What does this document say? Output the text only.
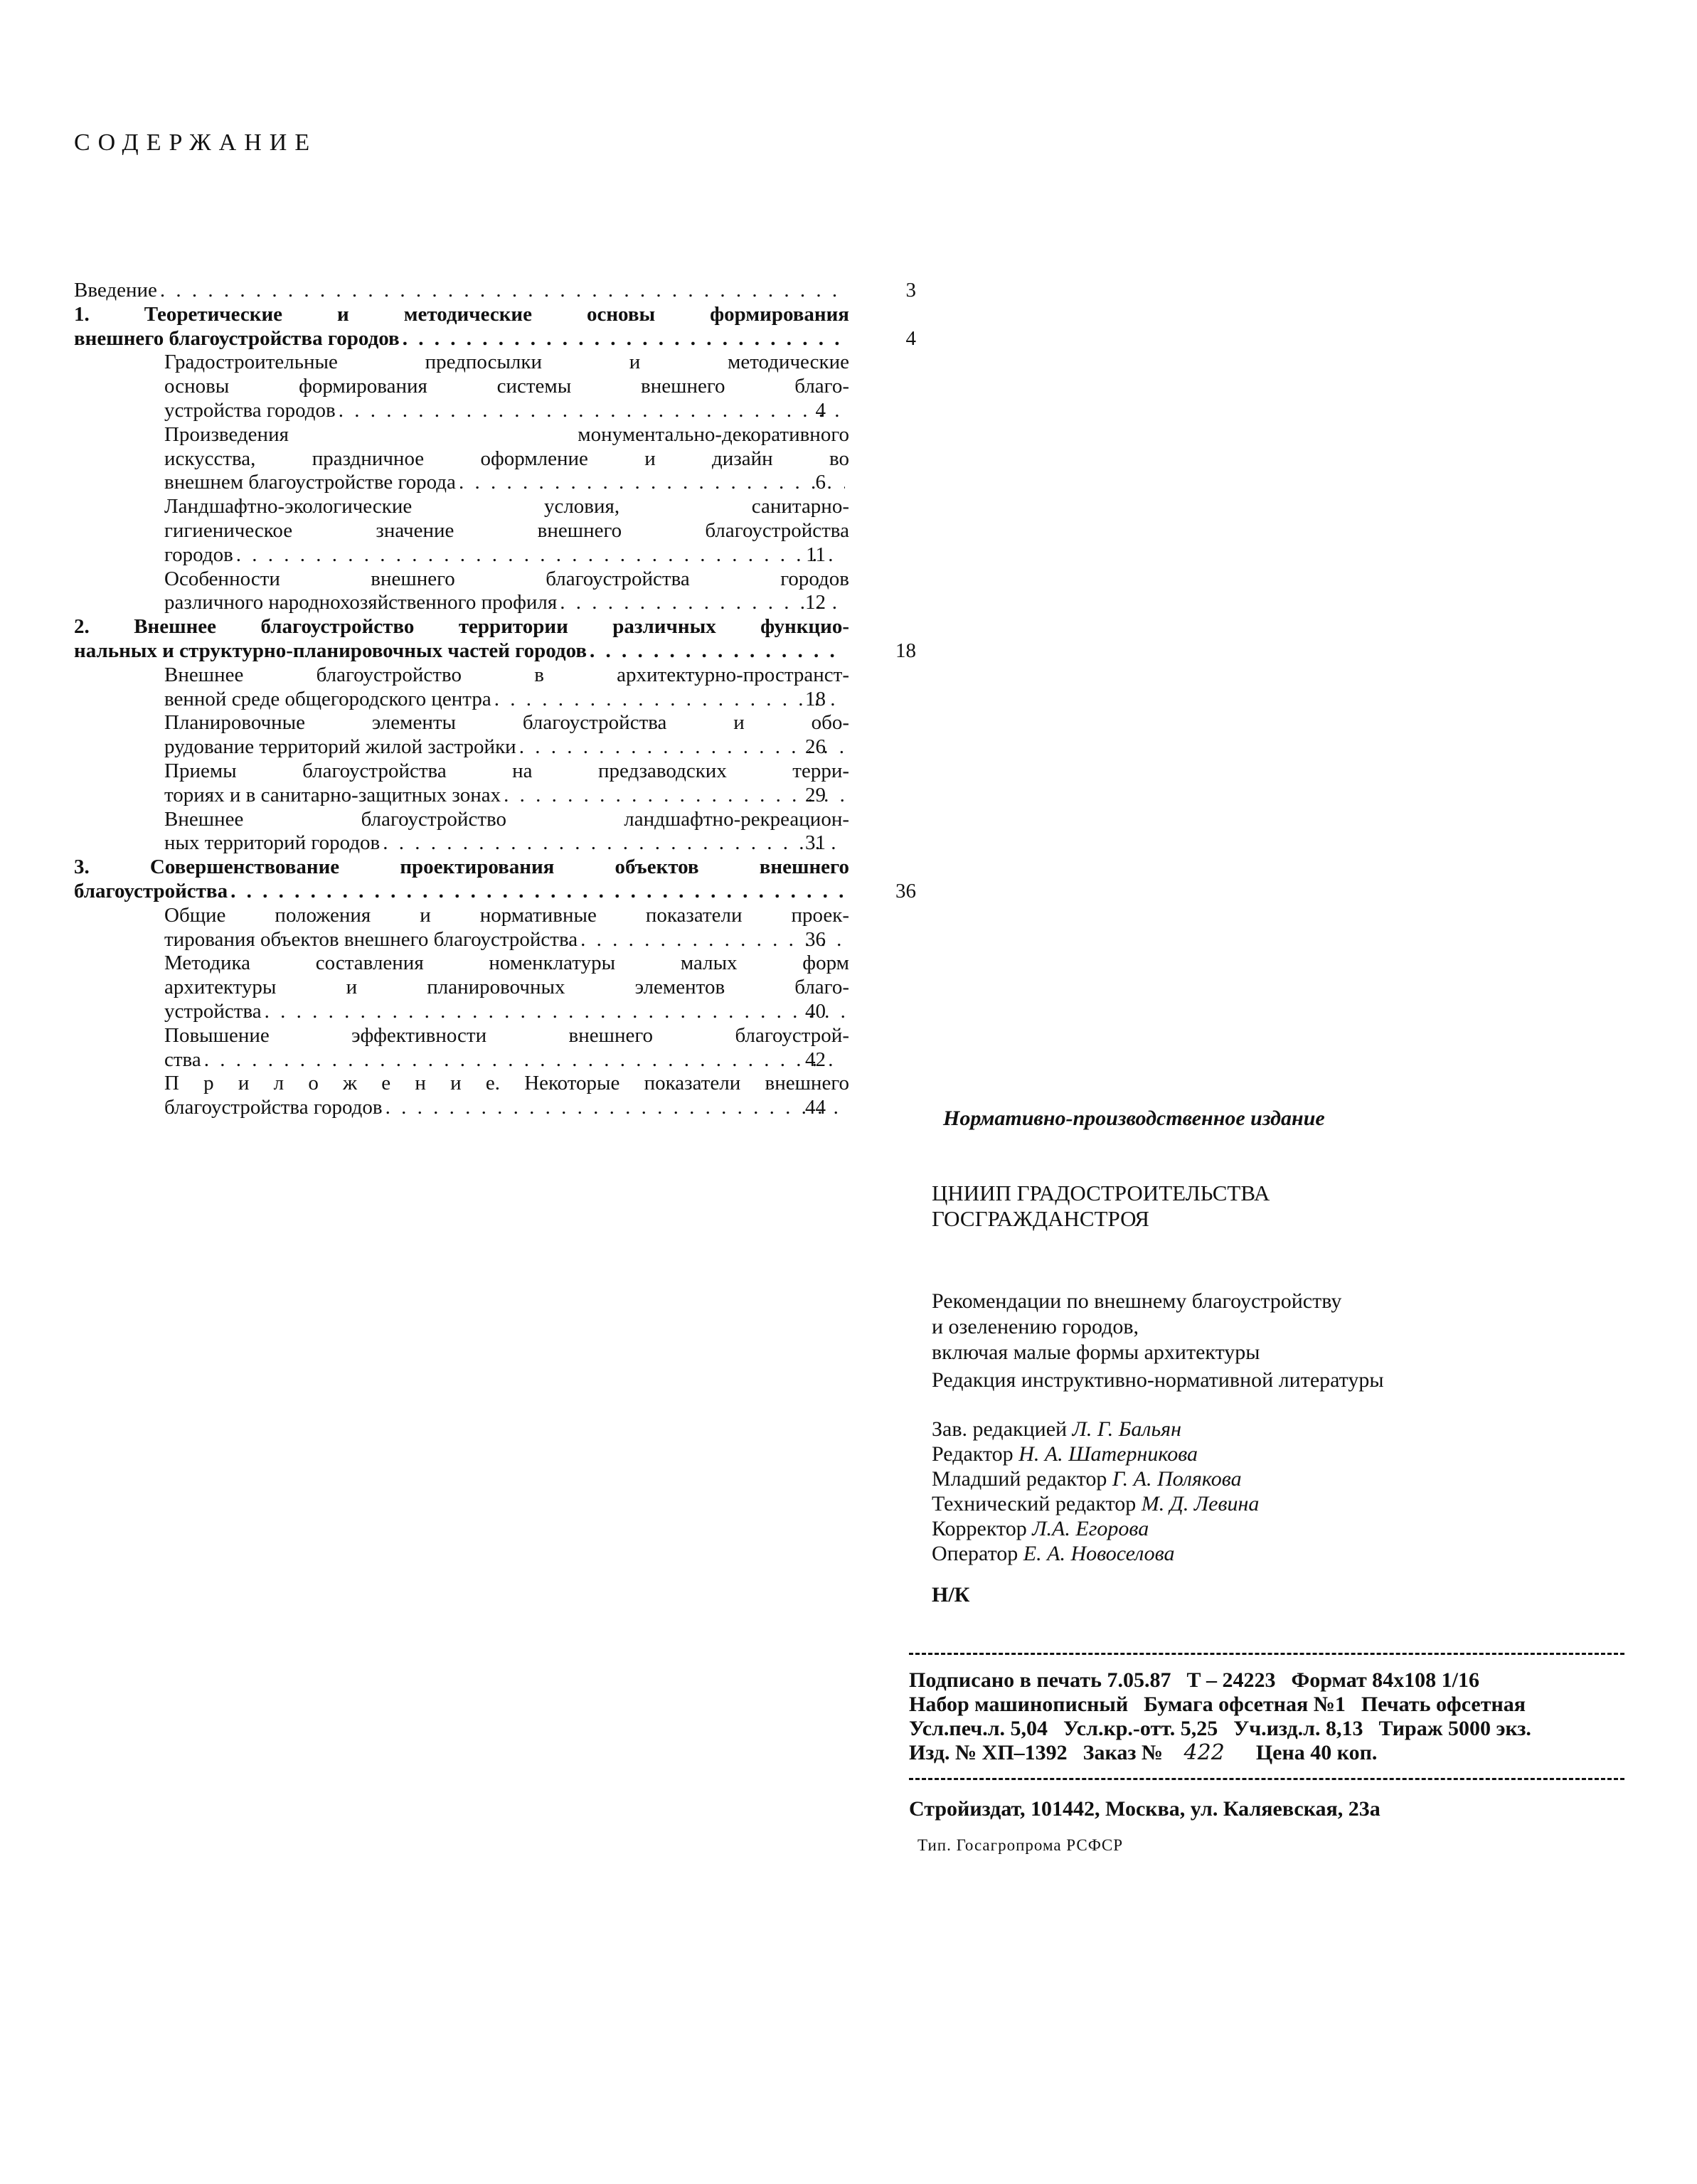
СОДЕРЖАНИЕ
Введение . . .	3
1. Теоретические и методические основы формирования
внешнего благоустройства городов . . .	4
Градостроительные предпосылки и методические
основы формирования системы внешнего благо-
устройства городов . . .	4
Произведения монументально-декоративного
искусства, праздничное оформление и дизайн во
внешнем благоустройстве города . . .	6
Ландшафтно-экологические условия, санитарно-
гигиеническое значение внешнего благоустройства
городов . . .	11
Особенности внешнего благоустройства городов
различного народнохозяйственного профиля . . .	12
2. Внешнее благоустройство территории различных функцио-
нальных и структурно-планировочных частей городов . . .	18
Внешнее благоустройство в архитектурно-пространст-
венной среде общегородского центра . . .	18
Планировочные элементы благоустройства и обо-
рудование территорий жилой застройки . . .	26
Приемы благоустройства на предзаводских терри-
ториях и в санитарно-защитных зонах . . .	29
Внешнее благоустройство ландшафтно-рекреацион-
ных территорий городов . . .	31
3. Совершенствование проектирования объектов внешнего
благоустройства . . .	36
Общие положения и нормативные показатели проек-
тирования объектов внешнего благоустройства . . .	36
Методика составления номенклатуры малых форм
архитектуры и планировочных элементов благо-
устройства . . .	40
Повышение эффективности внешнего благоустрой-
ства . . .	42
П р и л о ж е н и е. Некоторые показатели внешнего
благоустройства городов . . .	44	Нормативно-производственное издание
ЦНИИП ГРАДОСТРОИТЕЛЬСТВА
ГОСГРАЖДАНСТРОЯ
Рекомендации по внешнему благоустройству
и озеленению городов,
включая малые формы архитектуры
Редакция инструктивно-нормативной литературы
Зав. редакцией Л. Г. Бальян
Редактор Н. А. Шатерникова
Младший редактор Г. А. Полякова
Технический редактор М. Д. Левина
Корректор Л.А. Егорова
Оператор Е. А. Новоселова
Н/К
Подписано в печать 7.05.87 Т – 24223 Формат 84x108 1/16
Набор машинописный Бумага офсетная №1 Печать офсетная
Усл.печ.л. 5,04 Усл.кр.-отт. 5,25 Уч.изд.л. 8,13 Тираж 5000 экз.
Изд. № ХП–1392 Заказ № 422	Цена 40 коп.
Стройиздат, 101442, Москва, ул. Каляевская, 23а
Тип. Госагропрома РСФСР
